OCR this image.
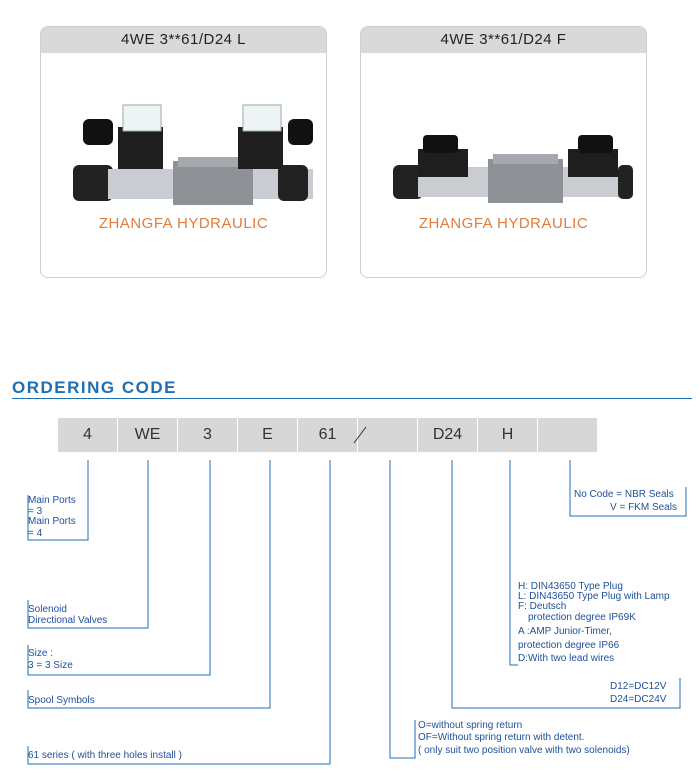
4WE 3**61/D24 L
ZHANGFA HYDRAULIC
4WE 3**61/D24 F
ZHANGFA HYDRAULIC
ORDERING CODE
4	WE	3	E	61	D24	H
Main Ports
= 3
Main Ports
= 4
Solenoid
Directional Valves
Size :
3 = 3 Size
Spool Symbols
61 series ( with three holes install )
O=without spring return
OF=Without spring return with detent.
( only suit two position valve with two solenoids)
D12=DC12V
D24=DC24V
H: DIN43650 Type Plug
L: DIN43650 Type Plug with Lamp
F: Deutsch
protection degree IP69K
A :AMP Junior-Timer,
protection degree IP66
D:With two lead wires
No Code = NBR Seals
V = FKM Seals
